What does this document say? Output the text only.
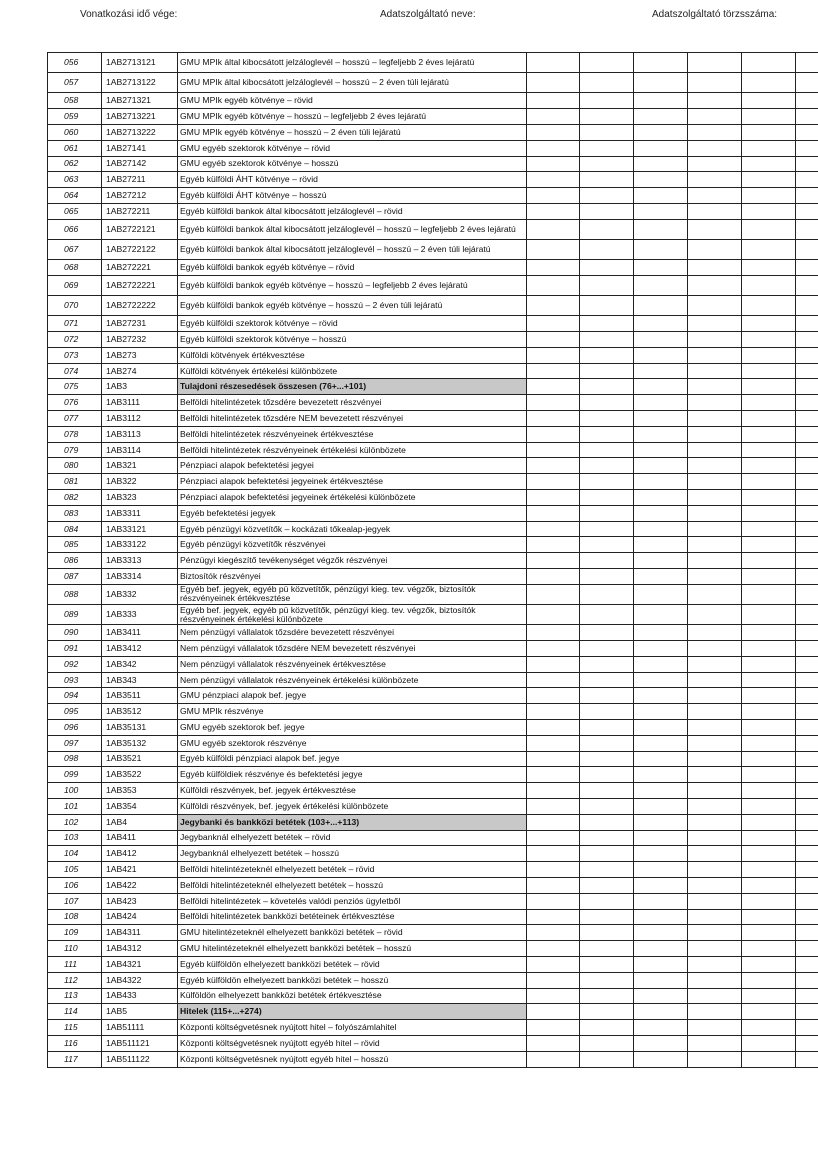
Vonatkozási idő vége:	Adatszolgáltató neve:	Adatszolgáltató törzsszáma:
056	1AB2713121	GMU MPIk által kibocsátott jelzáloglevél – hosszú – legfeljebb 2 éves lejáratú							
057	1AB2713122	GMU MPIk által kibocsátott jelzáloglevél – hosszú – 2 éven túli lejáratú							
058	1AB271321	GMU MPIk egyéb kötvénye – rövid							
059	1AB2713221	GMU MPIk egyéb kötvénye – hosszú – legfeljebb 2 éves lejáratú							
060	1AB2713222	GMU MPIk egyéb kötvénye – hosszú – 2 éven túli lejáratú							
061	1AB27141	GMU egyéb szektorok kötvénye – rövid							
062	1AB27142	GMU egyéb szektorok kötvénye – hosszú							
063	1AB27211	Egyéb külföldi ÁHT kötvénye – rövid							
064	1AB27212	Egyéb külföldi ÁHT kötvénye – hosszú							
065	1AB272211	Egyéb külföldi bankok által kibocsátott jelzáloglevél – rövid							
066	1AB2722121	Egyéb külföldi bankok által kibocsátott jelzáloglevél – hosszú – legfeljebb 2 éves lejáratú							
067	1AB2722122	Egyéb külföldi bankok által kibocsátott jelzáloglevél – hosszú – 2 éven túli lejáratú							
068	1AB272221	Egyéb külföldi bankok egyéb kötvénye – rövid							
069	1AB2722221	Egyéb külföldi bankok egyéb kötvénye – hosszú – legfeljebb 2 éves lejáratú							
070	1AB2722222	Egyéb külföldi bankok egyéb kötvénye – hosszú – 2 éven túli lejáratú							
071	1AB27231	Egyéb külföldi szektorok kötvénye – rövid							
072	1AB27232	Egyéb külföldi szektorok kötvénye – hosszú							
073	1AB273	Külföldi kötvények értékvesztése							
074	1AB274	Külföldi kötvények értékelési különbözete							
075	1AB3	Tulajdoni részesedések összesen (76+...+101)							
076	1AB3111	Belföldi hitelintézetek tőzsdére bevezetett részvényei							
077	1AB3112	Belföldi hitelintézetek tőzsdére NEM bevezetett részvényei							
078	1AB3113	Belföldi hitelintézetek részvényeinek értékvesztése							
079	1AB3114	Belföldi hitelintézetek részvényeinek értékelési különbözete							
080	1AB321	Pénzpiaci alapok befektetési jegyei							
081	1AB322	Pénzpiaci alapok befektetési jegyeinek értékvesztése							
082	1AB323	Pénzpiaci alapok befektetési jegyeinek értékelési különbözete							
083	1AB3311	Egyéb befektetési jegyek							
084	1AB33121	Egyéb pénzügyi közvetítők – kockázati tőkealap-jegyek							
085	1AB33122	Egyéb pénzügyi közvetítők részvényei							
086	1AB3313	Pénzügyi kiegészítő tevékenységet végzők részvényei							
087	1AB3314	Biztosítók részvényei							
088	1AB332	Egyéb bef. jegyek, egyéb pü közvetítők, pénzügyi kieg. tev. végzők, biztosítók részvényeinek értékvesztése							
089	1AB333	Egyéb bef. jegyek, egyéb pü közvetítők, pénzügyi kieg. tev. végzők, biztosítók részvényeinek értékelési különbözete							
090	1AB3411	Nem pénzügyi vállalatok tőzsdére bevezetett részvényei							
091	1AB3412	Nem pénzügyi vállalatok tőzsdére NEM bevezetett részvényei							
092	1AB342	Nem pénzügyi vállalatok részvényeinek értékvesztése							
093	1AB343	Nem pénzügyi vállalatok részvényeinek értékelési különbözete							
094	1AB3511	GMU pénzpiaci alapok bef. jegye							
095	1AB3512	GMU MPIk részvénye							
096	1AB35131	GMU egyéb szektorok bef. jegye							
097	1AB35132	GMU egyéb szektorok részvénye							
098	1AB3521	Egyéb külföldi pénzpiaci alapok bef. jegye							
099	1AB3522	Egyéb külföldiek részvénye és befektetési jegye							
100	1AB353	Külföldi részvények, bef. jegyek értékvesztése							
101	1AB354	Külföldi részvények, bef. jegyek értékelési különbözete							
102	1AB4	Jegybanki és bankközi betétek (103+...+113)							
103	1AB411	Jegybanknál elhelyezett betétek – rövid							
104	1AB412	Jegybanknál elhelyezett betétek – hosszú							
105	1AB421	Belföldi hitelintézeteknél elhelyezett betétek – rövid							
106	1AB422	Belföldi hitelintézeteknél elhelyezett betétek – hosszú							
107	1AB423	Belföldi hitelintézetek – követelés valódi penziós ügyletből							
108	1AB424	Belföldi hitelintézetek bankközi betéteinek értékvesztése							
109	1AB4311	GMU hitelintézeteknél elhelyezett bankközi betétek – rövid							
110	1AB4312	GMU hitelintézeteknél elhelyezett bankközi betétek – hosszú							
111	1AB4321	Egyéb külföldön elhelyezett bankközi betétek – rövid							
112	1AB4322	Egyéb külföldön elhelyezett bankközi betétek – hosszú							
113	1AB433	Külföldön elhelyezett bankközi betétek értékvesztése							
114	1AB5	Hitelek (115+...+274)							
115	1AB51111	Központi költségvetésnek nyújtott hitel – folyószámlahitel							
116	1AB511121	Központi költségvetésnek nyújtott egyéb hitel – rövid							
117	1AB511122	Központi költségvetésnek nyújtott egyéb hitel – hosszú							
